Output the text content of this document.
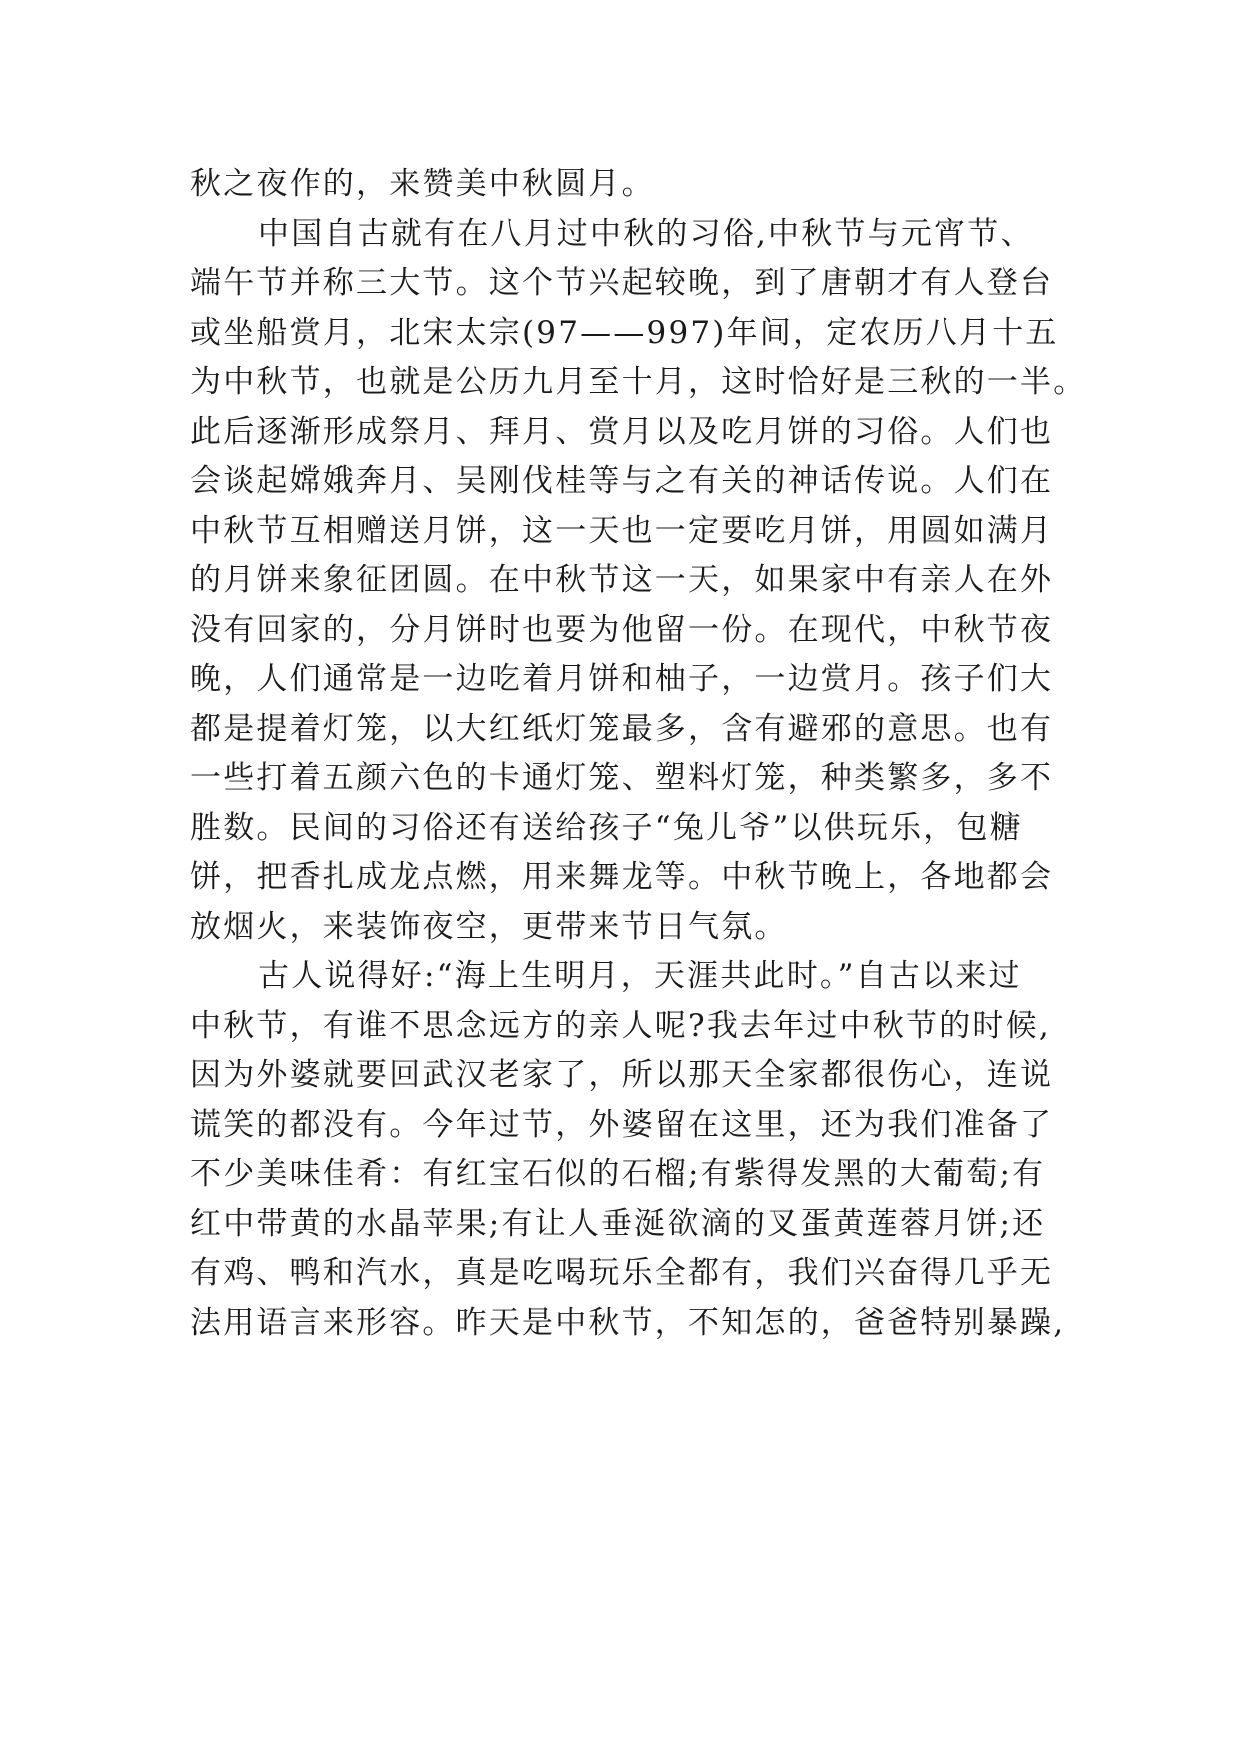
秋之夜作的，来赞美中秋圆月。
中国自古就有在八月过中秋的习俗,中秋节与元宵节、
端午节并称三大节。这个节兴起较晚，到了唐朝才有人登台
或坐船赏月，北宋太宗(97——997)年间，定农历八月十五
为中秋节，也就是公历九月至十月，这时恰好是三秋的一半。
此后逐渐形成祭月、拜月、赏月以及吃月饼的习俗。人们也
会谈起嫦娥奔月、吴刚伐桂等与之有关的神话传说。人们在
中秋节互相赠送月饼，这一天也一定要吃月饼，用圆如满月
的月饼来象征团圆。在中秋节这一天，如果家中有亲人在外
没有回家的，分月饼时也要为他留一份。在现代，中秋节夜
晚，人们通常是一边吃着月饼和柚子，一边赏月。孩子们大
都是提着灯笼，以大红纸灯笼最多，含有避邪的意思。也有
一些打着五颜六色的卡通灯笼、塑料灯笼，种类繁多，多不
胜数。民间的习俗还有送给孩子“兔儿爷”以供玩乐，包糖
饼，把香扎成龙点燃，用来舞龙等。中秋节晚上，各地都会
放烟火，来装饰夜空，更带来节日气氛。
古人说得好:“海上生明月，天涯共此时。”自古以来过
中秋节，有谁不思念远方的亲人呢?我去年过中秋节的时候,
因为外婆就要回武汉老家了，所以那天全家都很伤心，连说
谎笑的都没有。今年过节，外婆留在这里，还为我们准备了
不少美味佳肴：有红宝石似的石榴;有紫得发黑的大葡萄;有
红中带黄的水晶苹果;有让人垂涎欲滴的叉蛋黄莲蓉月饼;还
有鸡、鸭和汽水，真是吃喝玩乐全都有，我们兴奋得几乎无
法用语言来形容。昨天是中秋节，不知怎的，爸爸特别暴躁,
